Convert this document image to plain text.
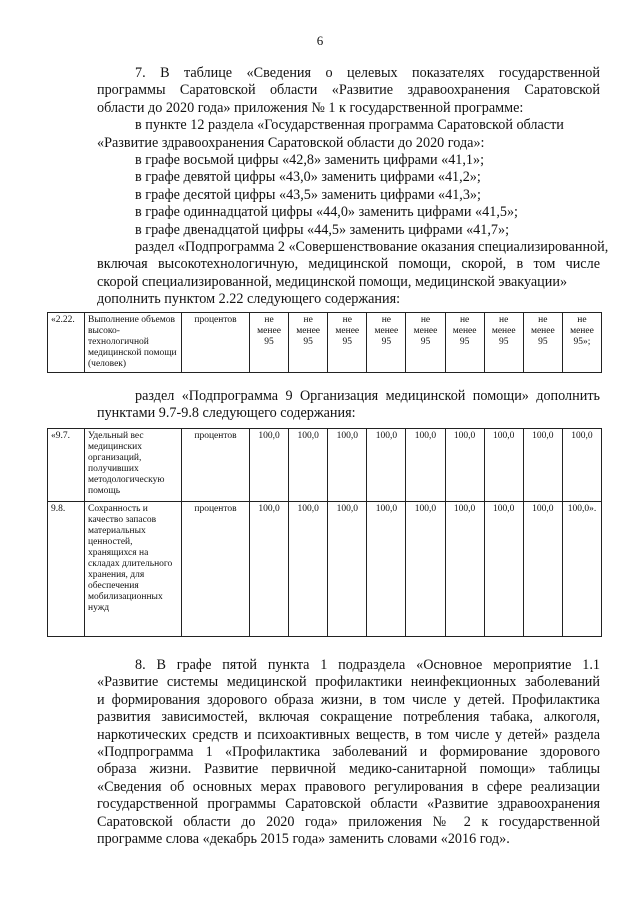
6
7. В таблице «Сведения о целевых показателях государственной
программы Саратовской области «Развитие здравоохранения Саратовской
области до 2020 года» приложения № 1 к государственной программе:
в пункте 12 раздела «Государственная программа Саратовской области
«Развитие здравоохранения Саратовской области до 2020 года»:
в графе восьмой цифры «42,8» заменить цифрами «41,1»;
в графе девятой цифры «43,0» заменить цифрами «41,2»;
в графе десятой цифры «43,5» заменить цифрами «41,3»;
в графе одиннадцатой цифры «44,0» заменить цифрами «41,5»;
в графе двенадцатой цифры «44,5» заменить цифрами «41,7»;
раздел «Подпрограмма 2 «Совершенствование оказания специализированной,
включая высокотехнологичную, медицинской помощи, скорой, в том числе
скорой специализированной, медицинской помощи, медицинской эвакуации»
дополнить пунктом 2.22 следующего содержания:
«2.22.	Выполнение объемов высоко-технологичной медицинской помощи (человек)	процентов	не менее 95	не менее 95	не менее 95	не менее 95	не менее 95	не менее 95	не менее 95	не менее 95	не менее 95»;
раздел «Подпрограмма 9 Организация медицинской помощи» дополнить
пунктами 9.7-9.8 следующего содержания:
«9.7.	Удельный вес медицинских организаций, получивших методологическую помощь	процентов	100,0	100,0	100,0	100,0	100,0	100,0	100,0	100,0	100,0
9.8.	Сохранность и качество запасов материальных ценностей, хранящихся на складах длительного хранения, для обеспечения мобилизационных нужд	процентов	100,0	100,0	100,0	100,0	100,0	100,0	100,0	100,0	100,0».
8. В графе пятой пункта 1 подраздела «Основное мероприятие 1.1
«Развитие системы медицинской профилактики неинфекционных заболеваний
и формирования здорового образа жизни, в том числе у детей. Профилактика
развития зависимостей, включая сокращение потребления табака, алкоголя,
наркотических средств и психоактивных веществ, в том числе у детей» раздела
«Подпрограмма 1 «Профилактика заболеваний и формирование здорового
образа жизни. Развитие первичной медико-санитарной помощи» таблицы
«Сведения об основных мерах правового регулирования в сфере реализации
государственной программы Саратовской области «Развитие здравоохранения
Саратовской области до 2020 года» приложения № 2 к государственной
программе слова «декабрь 2015 года» заменить словами «2016 год».
